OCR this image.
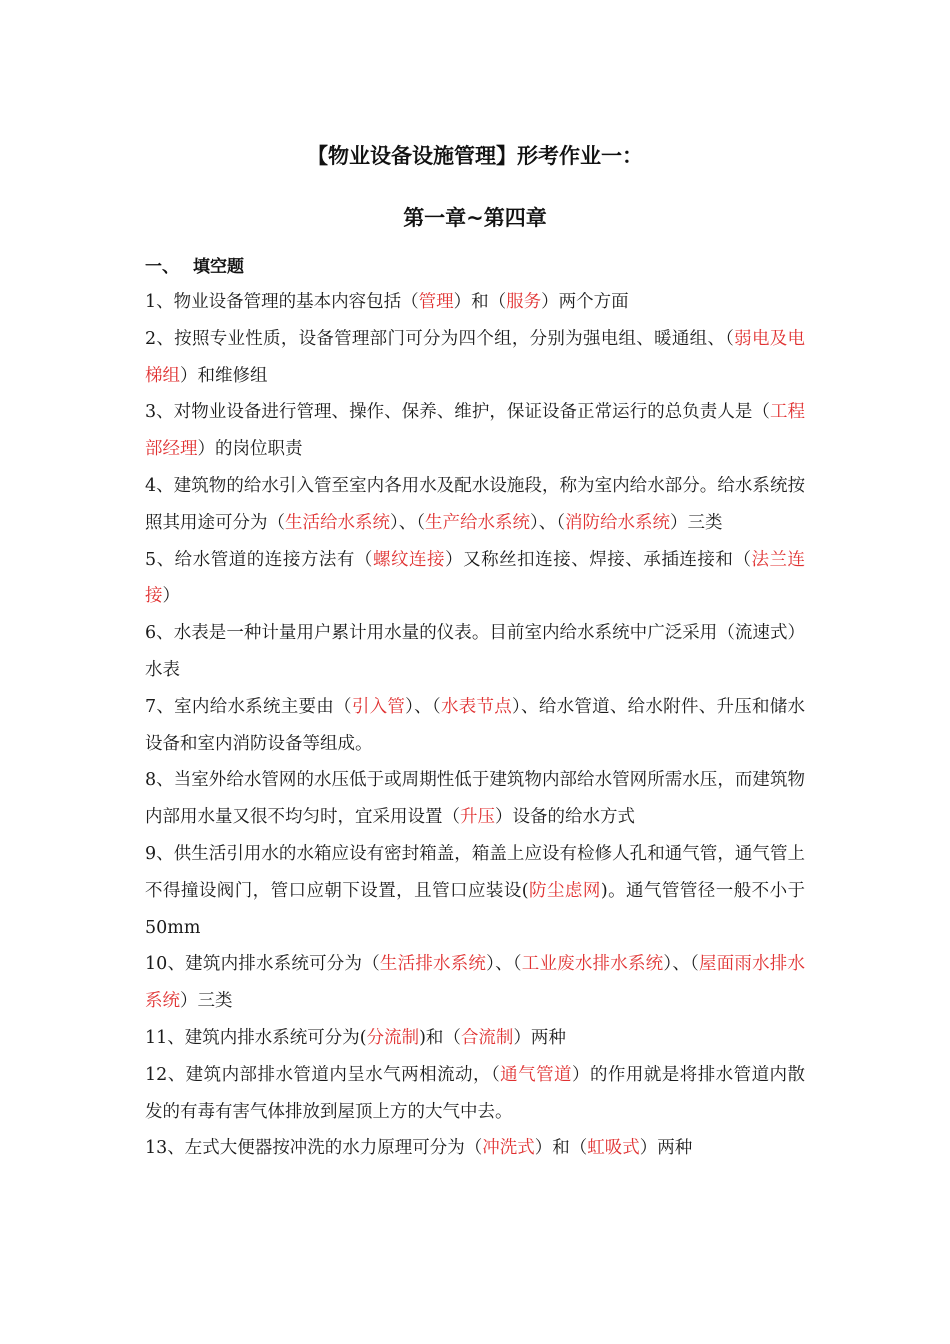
【物业设备设施管理】形考作业一：
第一章~第四章
一、 填空题

1、物业设备管理的基本内容包括（管理）和（服务）两个方面

2、按照专业性质，设备管理部门可分为四个组，分别为强电组、暖通组、（弱电及电梯组）和维修组

3、对物业设备进行管理、操作、保养、维护，保证设备正常运行的总负责人是（工程部经理）的岗位职责

4、建筑物的给水引入管至室内各用水及配水设施段，称为室内给水部分。给水系统按照其用途可分为（生活给水系统）、（生产给水系统）、（消防给水系统）三类

5、给水管道的连接方法有（螺纹连接）又称丝扣连接、焊接、承插连接和（法兰连接）

6、水表是一种计量用户累计用水量的仪表。目前室内给水系统中广泛采用（流速式）水表

7、室内给水系统主要由（引入管）、（水表节点）、给水管道、给水附件、升压和储水设备和室内消防设备等组成。

8、当室外给水管网的水压低于或周期性低于建筑物内部给水管网所需水压，而建筑物内部用水量又很不均匀时，宜采用设置（升压）设备的给水方式

9、供生活引用水的水箱应设有密封箱盖，箱盖上应设有检修人孔和通气管，通气管上不得撞设阀门，管口应朝下设置，且管口应装设(防尘虑网)。通气管管径一般不小于50mm

10、建筑内排水系统可分为（生活排水系统）、（工业废水排水系统）、（屋面雨水排水系统）三类

11、建筑内排水系统可分为(分流制)和（合流制）两种

12、建筑内部排水管道内呈水气两相流动，（通气管道）的作用就是将排水管道内散发的有毒有害气体排放到屋顶上方的大气中去。

13、左式大便器按冲洗的水力原理可分为（冲洗式）和（虹吸式）两种
